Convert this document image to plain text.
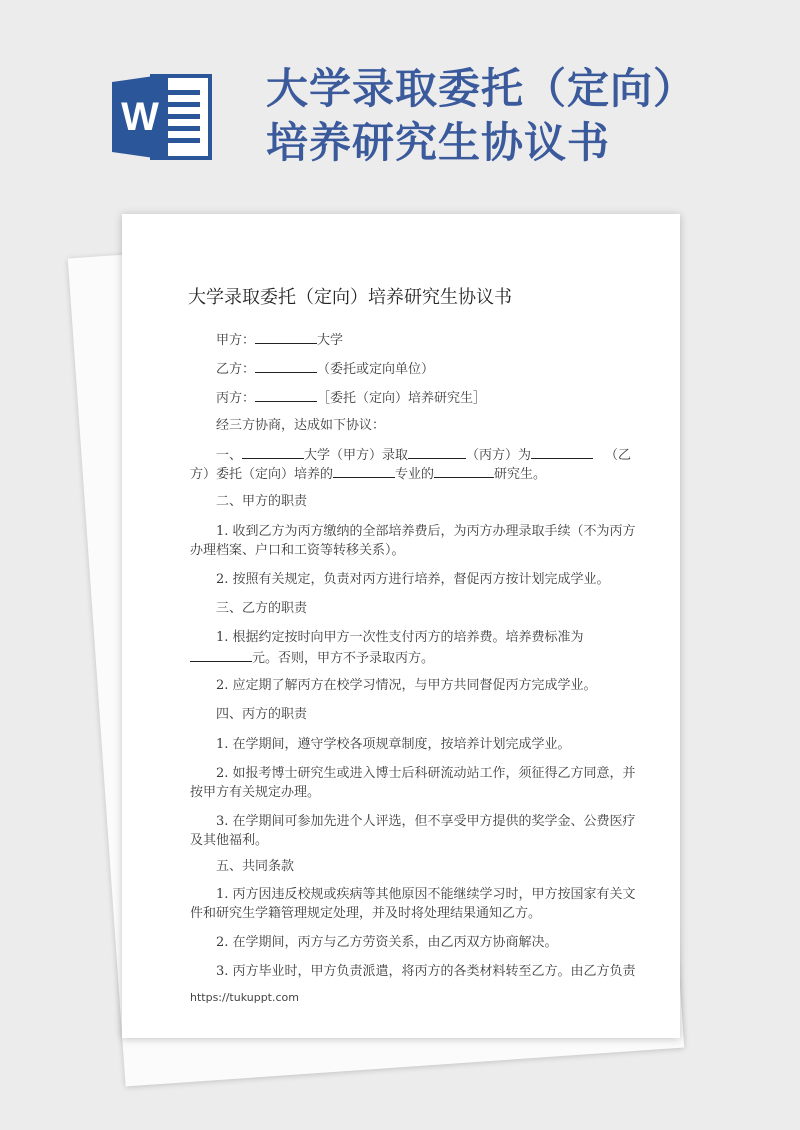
W
大学录取委托（定向）
培养研究生协议书
大学录取委托（定向）培养研究生协议书
甲方：	大学
乙方：	（委托或定向单位）
丙方：	［委托（定向）培养研究生］
经三方协商，达成如下协议：
一、	大学（甲方）录取	（丙方）为	（乙
方）委托（定向）培养的	专业的	研究生。
二、甲方的职责
1. 收到乙方为丙方缴纳的全部培养费后，为丙方办理录取手续（不为丙方
办理档案、户口和工资等转移关系）。
2. 按照有关规定，负责对丙方进行培养，督促丙方按计划完成学业。
三、乙方的职责
1. 根据约定按时向甲方一次性支付丙方的培养费。培养费标准为
元。否则，甲方不予录取丙方。
2. 应定期了解丙方在校学习情况，与甲方共同督促丙方完成学业。
四、丙方的职责
1. 在学期间，遵守学校各项规章制度，按培养计划完成学业。
2. 如报考博士研究生或进入博士后科研流动站工作，须征得乙方同意，并
按甲方有关规定办理。
3. 在学期间可参加先进个人评选，但不享受甲方提供的奖学金、公费医疗
及其他福利。
五、共同条款
1. 丙方因违反校规或疾病等其他原因不能继续学习时，甲方按国家有关文
件和研究生学籍管理规定处理，并及时将处理结果通知乙方。
2. 在学期间，丙方与乙方劳资关系，由乙丙双方协商解决。
3. 丙方毕业时，甲方负责派遣，将丙方的各类材料转至乙方。由乙方负责
https://tukuppt.com
